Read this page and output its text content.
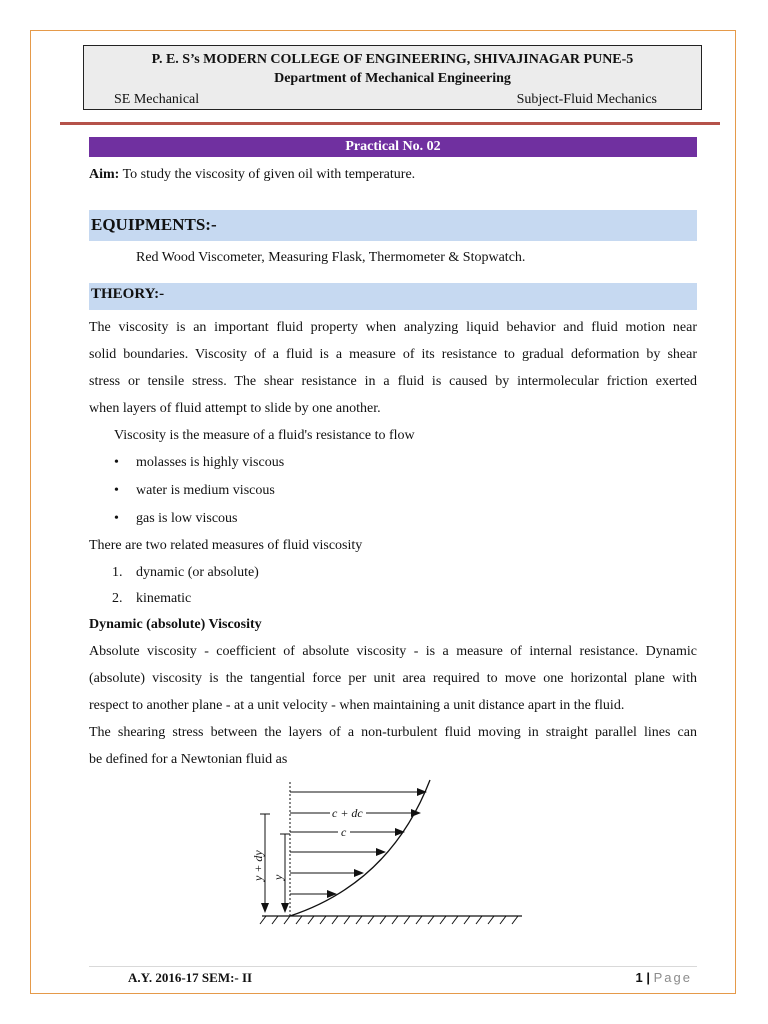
P. E. S’s MODERN COLLEGE OF ENGINEERING, SHIVAJINAGAR PUNE-5
Department of Mechanical Engineering
SE Mechanical	Subject-Fluid Mechanics
Practical No. 02
Aim: To study the viscosity of given oil with temperature.
EQUIPMENTS:-
Red Wood Viscometer, Measuring Flask, Thermometer & Stopwatch.
THEORY:-
The viscosity is an important fluid property when analyzing liquid behavior and fluid motion near
solid boundaries. Viscosity of a fluid is a measure of its resistance to gradual deformation by shear
stress or tensile stress. The shear resistance in a fluid is caused by intermolecular friction exerted
when layers of fluid attempt to slide by one another.
Viscosity is the measure of a fluid's resistance to flow
• molasses is highly viscous
• water is medium viscous
• gas is low viscous
There are two related measures of fluid viscosity
1. dynamic (or absolute)
2. kinematic
Dynamic (absolute) Viscosity
Absolute viscosity - coefficient of absolute viscosity - is a measure of internal resistance. Dynamic
(absolute) viscosity is the tangential force per unit area required to move one horizontal plane with
respect to another plane - at a unit velocity - when maintaining a unit distance apart in the fluid.
The shearing stress between the layers of a non-turbulent fluid moving in straight parallel lines can
be defined for a Newtonian fluid as
c + dc
c
y + dy y
A.Y. 2016-17 SEM:- II	1 | Page
